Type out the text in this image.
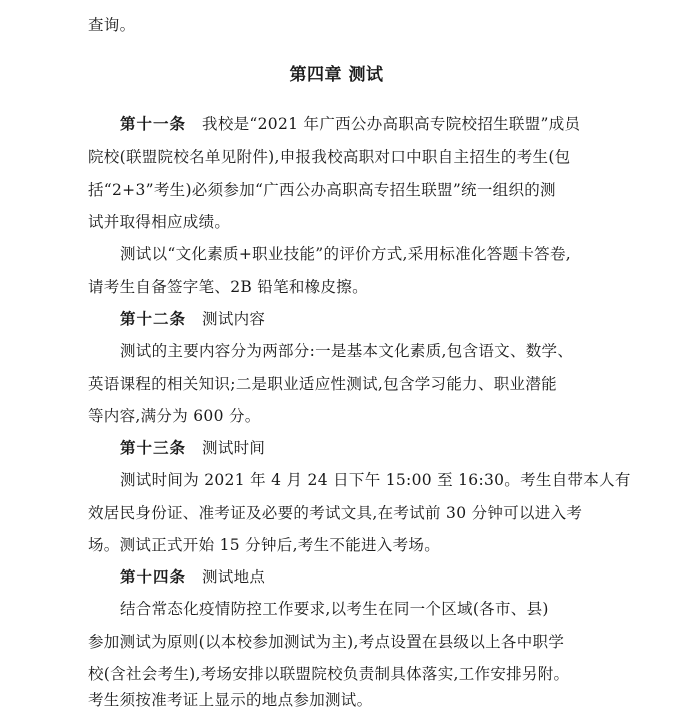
查询。
第四章 测试
第十一条 我校是“2021 年广西公办高职高专院校招生联盟”成员
院校(联盟院校名单见附件),申报我校高职对口中职自主招生的考生(包
括“2+3”考生)必须参加“广西公办高职高专招生联盟”统一组织的测
试并取得相应成绩。
测试以“文化素质+职业技能”的评价方式,采用标准化答题卡答卷,
请考生自备签字笔、2B 铅笔和橡皮擦。
第十二条 测试内容
测试的主要内容分为两部分:一是基本文化素质,包含语文、数学、
英语课程的相关知识;二是职业适应性测试,包含学习能力、职业潜能
等内容,满分为 600 分。
第十三条 测试时间
测试时间为 2021 年 4 月 24 日下午 15:00 至 16:30。考生自带本人有
效居民身份证、准考证及必要的考试文具,在考试前 30 分钟可以进入考
场。测试正式开始 15 分钟后,考生不能进入考场。
第十四条 测试地点
结合常态化疫情防控工作要求,以考生在同一个区域(各市、县)
参加测试为原则(以本校参加测试为主),考点设置在县级以上各中职学
校(含社会考生),考场安排以联盟院校负责制具体落实,工作安排另附。
考生须按准考证上显示的地点参加测试。
